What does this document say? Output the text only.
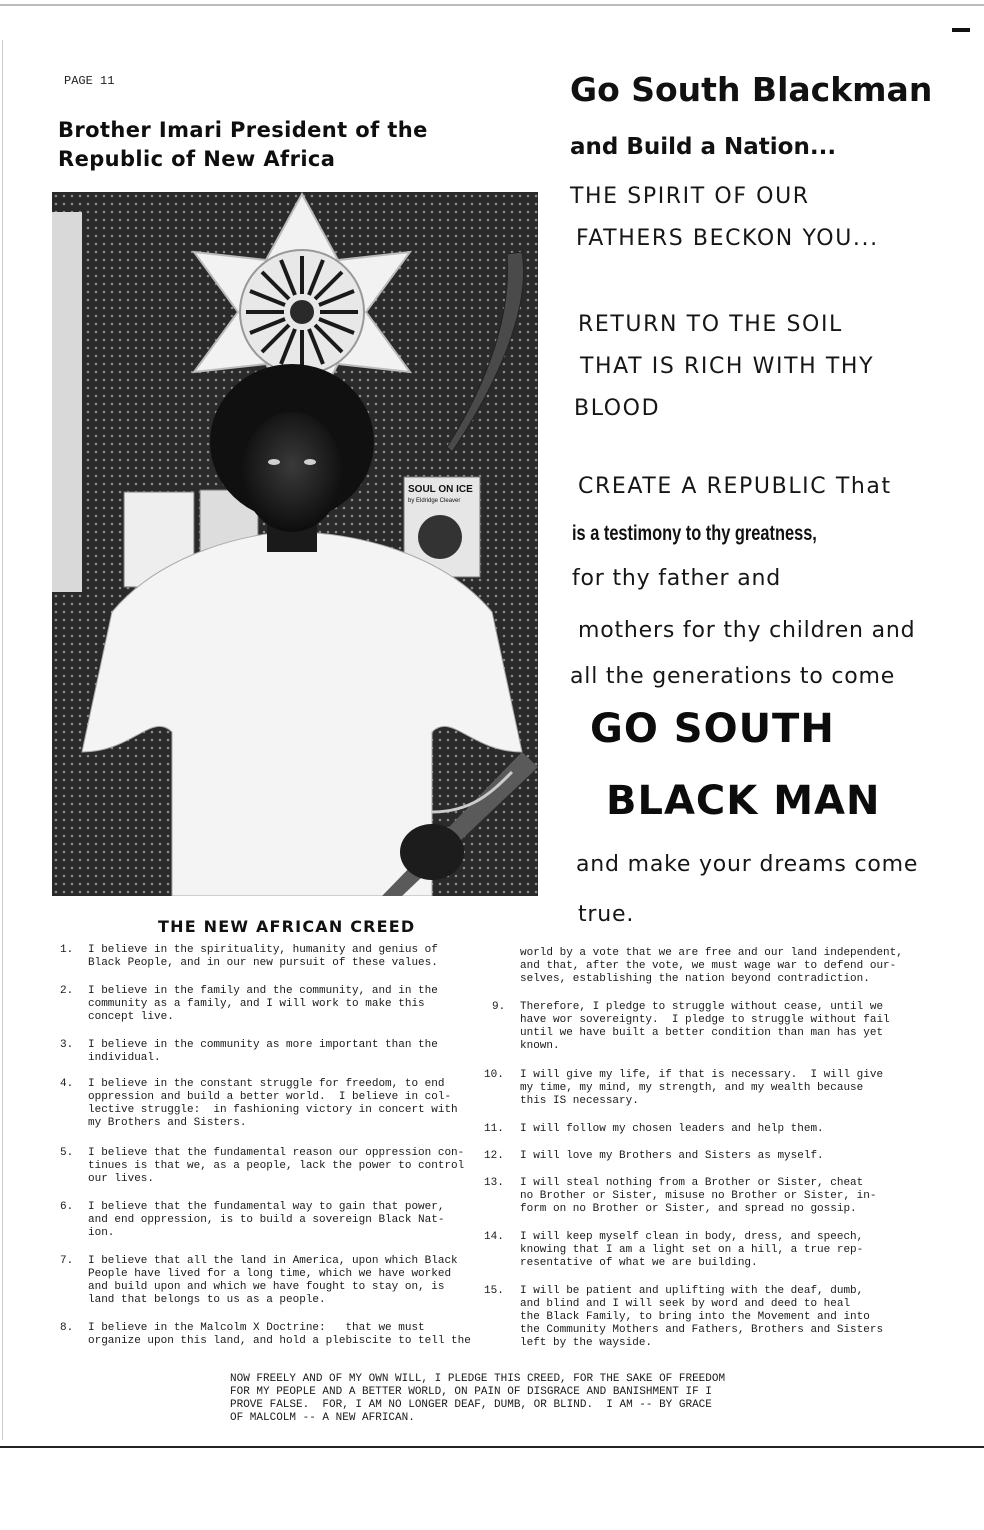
PAGE 11
Brother Imari President of the
Republic of New Africa
SOUL ON ICE
by Eldridge Cleaver
THE NEW AFRICAN CREED
Go South Blackman
and Build a Nation...
THE SPIRIT OF OUR
FATHERS BECKON YOU...
RETURN TO THE SOIL
THAT IS RICH WITH THY
BLOOD
CREATE A REPUBLIC That
is a testimony to thy greatness,
for thy father and
mothers for thy children and
all the generations to come
GO SOUTH
BLACK MAN
and make your dreams come
true.
1.	I believe in the spirituality, humanity and genius of
Black People, and in our new pursuit of these values.
2.	I believe in the family and the community, and in the
community as a family, and I will work to make this
concept live.
3.	I believe in the community as more important than the
individual.
4.	I believe in the constant struggle for freedom, to end
oppression and build a better world.  I believe in col-
lective struggle:  in fashioning victory in concert with
my Brothers and Sisters.
5.	I believe that the fundamental reason our oppression con-
tinues is that we, as a people, lack the power to control
our lives.
6.	I believe that the fundamental way to gain that power,
and end oppression, is to build a sovereign Black Nat-
ion.
7.	I believe that all the land in America, upon which Black
People have lived for a long time, which we have worked
and build upon and which we have fought to stay on, is
land that belongs to us as a people.
8.	I believe in the Malcolm X Doctrine:   that we must
organize upon this land, and hold a plebiscite to tell the
world by a vote that we are free and our land independent,
and that, after the vote, we must wage war to defend our-
selves, establishing the nation beyond contradiction.
9.	Therefore, I pledge to struggle without cease, until we
have wor sovereignty.  I pledge to struggle without fail
until we have built a better condition than man has yet
known.
10.	I will give my life, if that is necessary.  I will give
my time, my mind, my strength, and my wealth because
this IS necessary.
11.	I will follow my chosen leaders and help them.
12.	I will love my Brothers and Sisters as myself.
13.	I will steal nothing from a Brother or Sister, cheat
no Brother or Sister, misuse no Brother or Sister, in-
form on no Brother or Sister, and spread no gossip.
14.	I will keep myself clean in body, dress, and speech,
knowing that I am a light set on a hill, a true rep-
resentative of what we are building.
15.	I will be patient and uplifting with the deaf, dumb,
and blind and I will seek by word and deed to heal
the Black Family, to bring into the Movement and into
the Community Mothers and Fathers, Brothers and Sisters
left by the wayside.
NOW FREELY AND OF MY OWN WILL, I PLEDGE THIS CREED, FOR THE SAKE OF FREEDOM
FOR MY PEOPLE AND A BETTER WORLD, ON PAIN OF DISGRACE AND BANISHMENT IF I
PROVE FALSE.  FOR, I AM NO LONGER DEAF, DUMB, OR BLIND.  I AM -- BY GRACE
OF MALCOLM -- A NEW AFRICAN.
